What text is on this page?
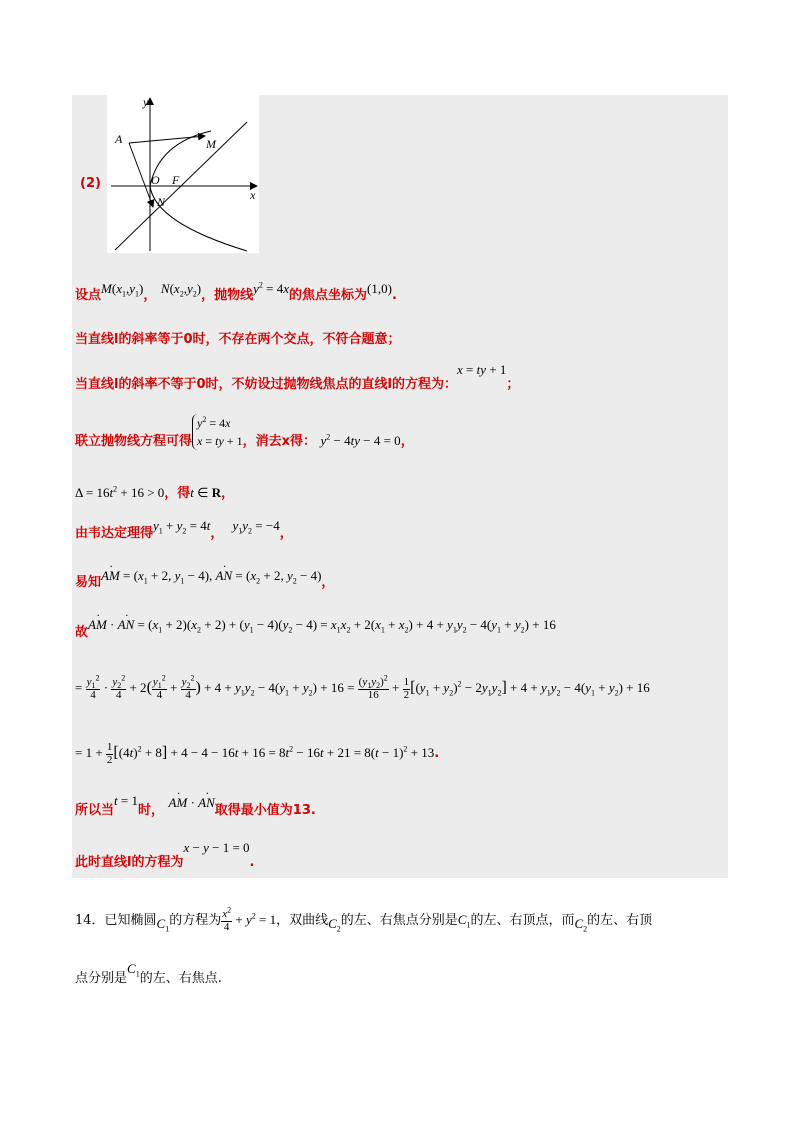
y
x
A	M
O F
N
(2)
设点$M(x_1,y_1)$， $N(x_2,y_2)$，抛物线$y^2 = 4x$的焦点坐标为(1,0).
当直线l的斜率等于0时，不存在两个交点，不符合题意；
当直线l的斜率不等于0时，不妨设过抛物线焦点的直线l的方程为：x = ty + 1；
联立抛物线方程可得$y^2 = 4x$
x = ty + 1，消去x得： $y^2 - 4ty - 4 = 0$，
$\Delta = 16t^2 + 16 > 0$，得t ∈ R，
由韦达定理得$y_1 + y_2 = 4t$，  $y_1y_2 = -4$，
易知AM · = ($x_1 + 2$, $y_1 - 4$), AN · = ($x_2 + 2$, $y_2 - 4$)，
故AM · · AN · = $(x_1 + 2)(x_2 + 2) + (y_1 - 4)(y_2 - 4) = x_1x_2 + 2(x_1 + x_2) + 4 + y_1y_2 - 4(y_1 + y_2) + 16$
= $\frac{y_1^2}{4} \cdot \frac{y_2^2}{4} + 2( \frac{y_1^2}{4} + \frac{y_2^2}{4}$ ) + $4 + y_1y_2 - 4(y_1 + y_2) + 16 = \frac{(y_1y_2)^2}{16} + \frac{1}{2} [(y_1 + y_2)^2 - 2y_1y_2] + 4 + y_1y_2 - 4(y_1 + y_2) + 16$
= $1 + \frac{1}{2} [(4t)^2 + 8] + 4 - 4 - 16t + 16 = 8t^2 - 16t + 21 = 8(t - 1)^2 + 13$.
所以当t = 1时， AM · · AN ·取得最小值为13.
此时直线l的方程为x − y − 1 = 0.
14．已知椭圆$C_1$的方程为 $\frac{x^2}{4} + y^2 = 1$，双曲线$C_2$的左、右焦点分别是$C_1$的左、右顶点，而$C_2$的左、右顶
点分别是$C_1$的左、右焦点.
